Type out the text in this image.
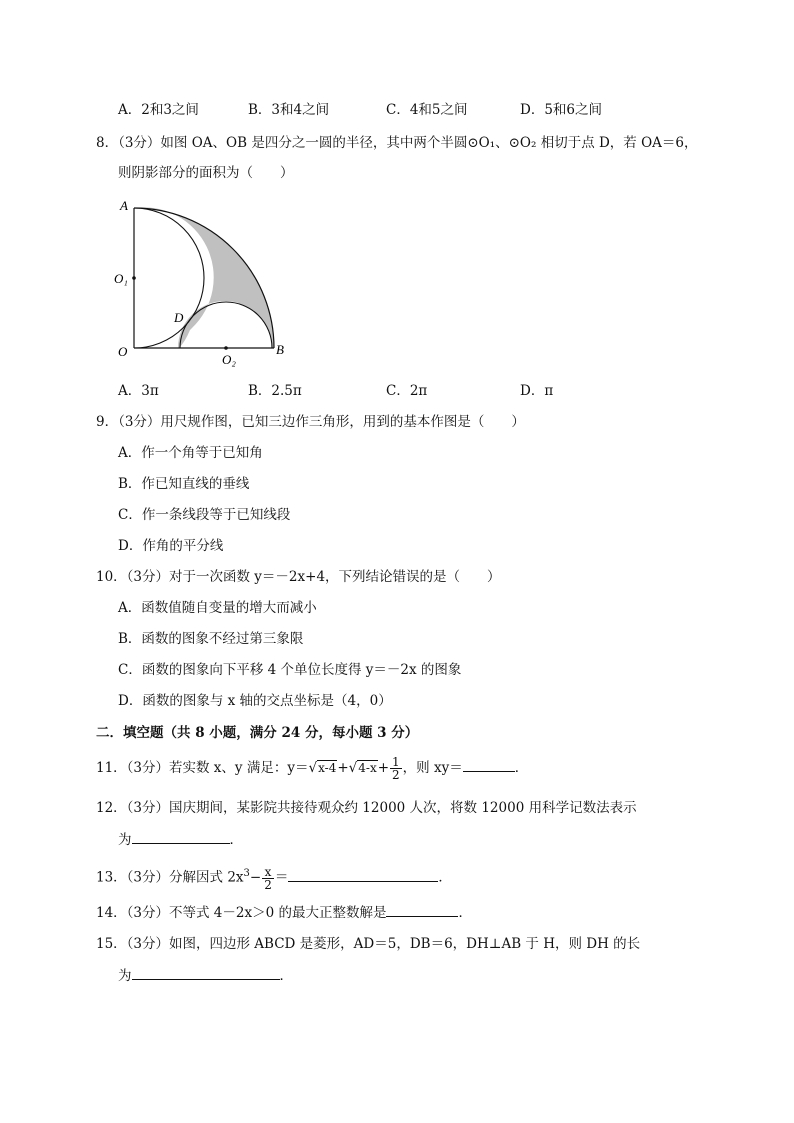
A．2和3之间	B．3和4之间	C．4和5之间	D．5和6之间
8．（3分）如图 OA、OB 是四分之一圆的半径，其中两个半圆⊙O₁、⊙O₂ 相切于点 D，若 OA＝6，
则阴影部分的面积为（　　）
A
O₁
D
O
O₂
B
A．3π	B．2.5π	C．2π	D．π
9．（3分）用尺规作图，已知三边作三角形，用到的基本作图是（　　）
A．作一个角等于已知角
B．作已知直线的垂线
C．作一条线段等于已知线段
D．作角的平分线
10．（3分）对于一次函数 y＝－2x+4，下列结论错误的是（　　）
A．函数值随自变量的增大而减小
B．函数的图象不经过第三象限
C．函数的图象向下平移 4 个单位长度得 y＝－2x 的图象
D．函数的图象与 x 轴的交点坐标是（4，0）
二．填空题（共 8 小题，满分 24 分，每小题 3 分）
11．（3分）若实数 x、y 满足：$y=√x-4+√4-x+ \frac{1}{2}$ ，则 xy＝	．
12．（3分）国庆期间，某影院共接待观众约 12000 人次，将数 12000 用科学记数法表示
为	．
13．（3分）分解因式 $2x^3- \frac{x}{2}$ ＝	．
14．（3分）不等式 4－2x＞0 的最大正整数解是	．
15．（3分）如图，四边形 ABCD 是菱形，AD＝5，DB＝6，DH⊥AB 于 H，则 DH 的长
为	．
